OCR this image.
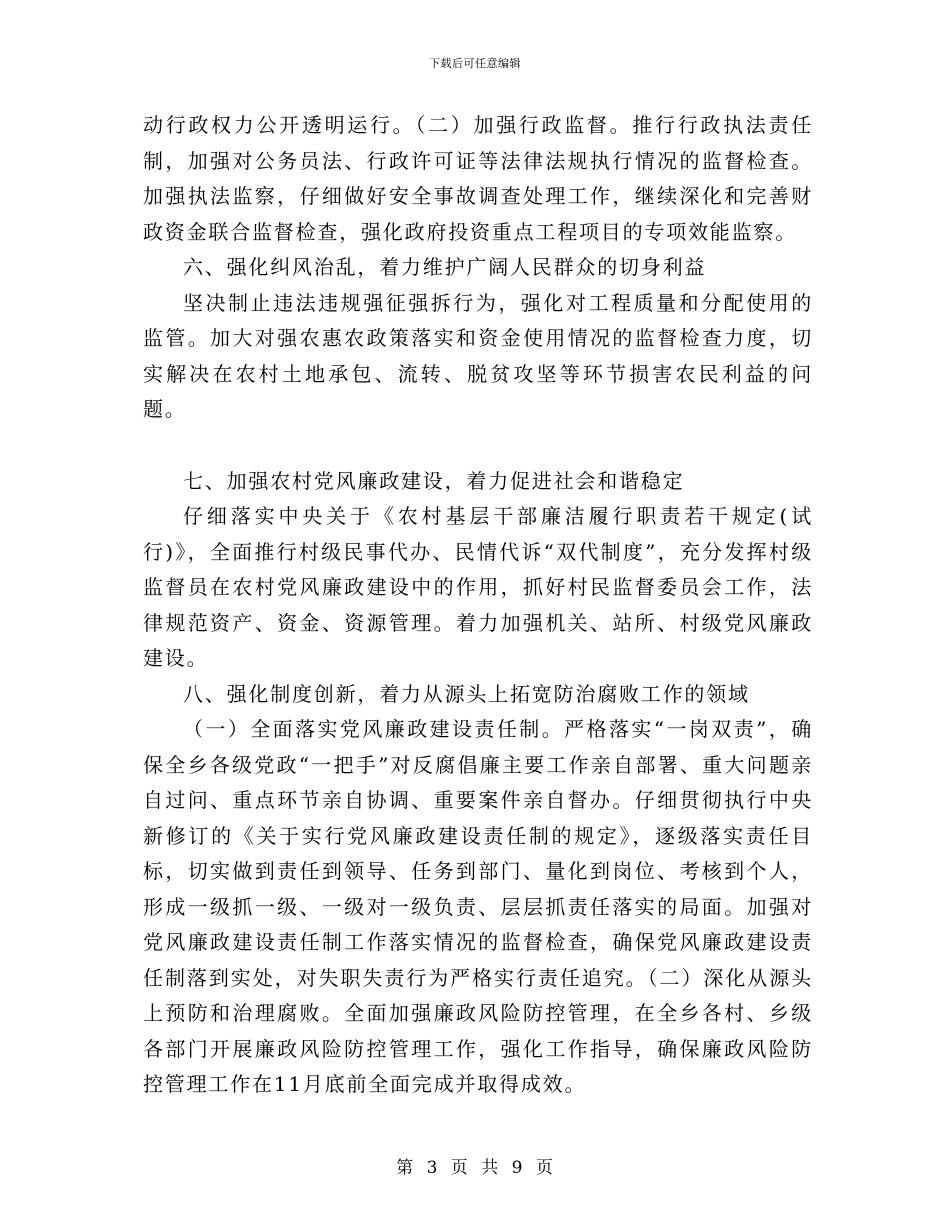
下载后可任意编辑

动行政权力公开透明运行。（二）加强行政监督。推行行政执法责任制，加强对公务员法、行政许可证等法律法规执行情况的监督检查。加强执法监察，仔细做好安全事故调查处理工作，继续深化和完善财政资金联合监督检查，强化政府投资重点工程项目的专项效能监察。

六、强化纠风治乱，着力维护广阔人民群众的切身利益

坚决制止违法违规强征强拆行为，强化对工程质量和分配使用的监管。加大对强农惠农政策落实和资金使用情况的监督检查力度，切实解决在农村土地承包、流转、脱贫攻坚等环节损害农民利益的问题。

七、加强农村党风廉政建设，着力促进社会和谐稳定

仔细落实中央关于《农村基层干部廉洁履行职责若干规定(试行)》，全面推行村级民事代办、民情代诉“双代制度”，充分发挥村级监督员在农村党风廉政建设中的作用，抓好村民监督委员会工作，法律规范资产、资金、资源管理。着力加强机关、站所、村级党风廉政建设。

八、强化制度创新，着力从源头上拓宽防治腐败工作的领域

（一）全面落实党风廉政建设责任制。严格落实“一岗双责”，确保全乡各级党政“一把手”对反腐倡廉主要工作亲自部署、重大问题亲自过问、重点环节亲自协调、重要案件亲自督办。仔细贯彻执行中央新修订的《关于实行党风廉政建设责任制的规定》，逐级落实责任目标，切实做到责任到领导、任务到部门、量化到岗位、考核到个人，形成一级抓一级、一级对一级负责、层层抓责任落实的局面。加强对党风廉政建设责任制工作落实情况的监督检查，确保党风廉政建设责任制落到实处，对失职失责行为严格实行责任追究。（二）深化从源头上预防和治理腐败。全面加强廉政风险防控管理，在全乡各村、乡级各部门开展廉政风险防控管理工作，强化工作指导，确保廉政风险防控管理工作在11月底前全面完成并取得成效。

第 3 页 共 9 页
